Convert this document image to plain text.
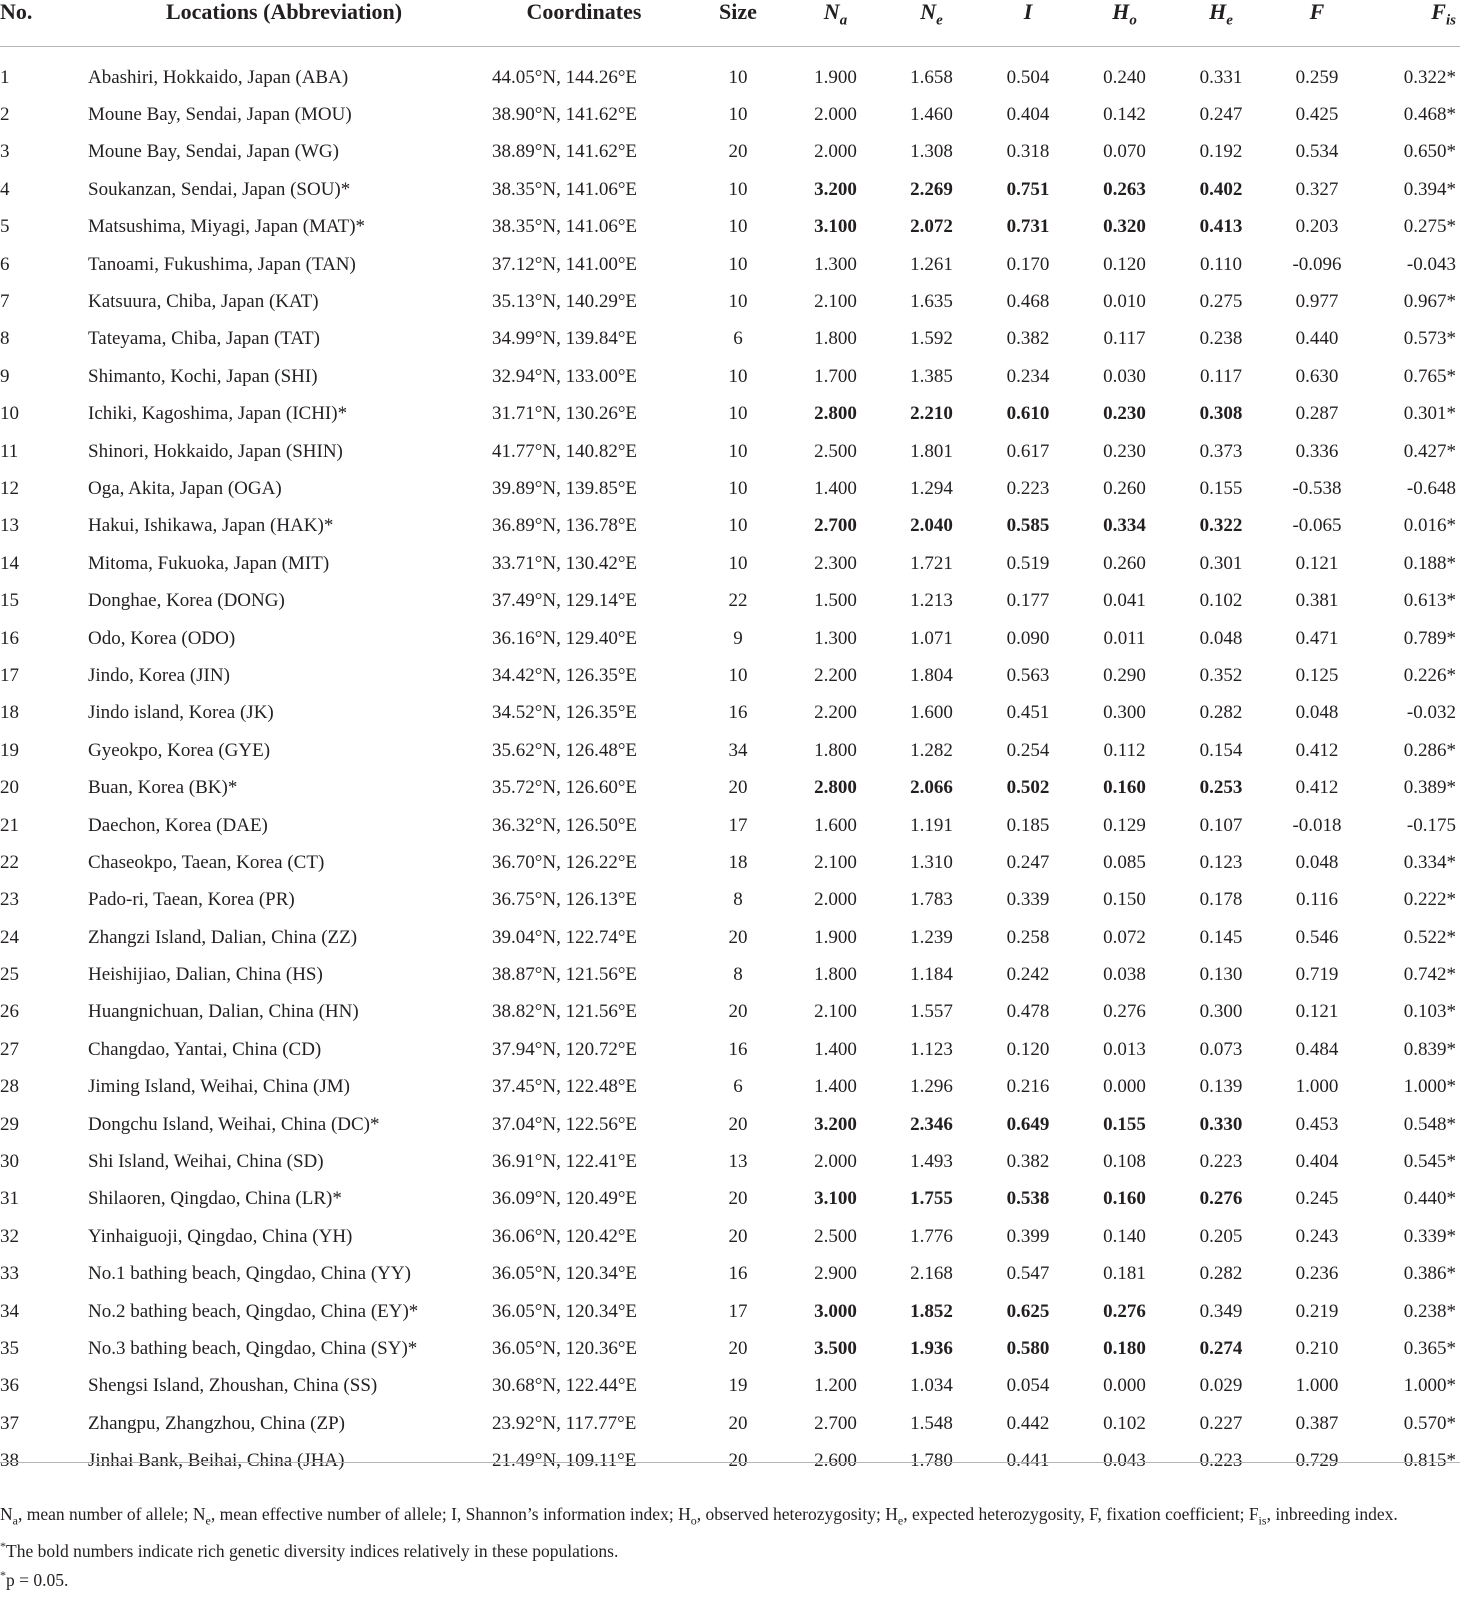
No.	Locations (Abbreviation)	Coordinates	Size	$N_a$	$N_e$	I	$H_o$	$H_e$	F	$F_{is}$
1	Abashiri, Hokkaido, Japan (ABA)	44.05°N, 144.26°E	10	1.900	1.658	0.504	0.240	0.331	0.259	0.322*
2	Moune Bay, Sendai, Japan (MOU)	38.90°N, 141.62°E	10	2.000	1.460	0.404	0.142	0.247	0.425	0.468*
3	Moune Bay, Sendai, Japan (WG)	38.89°N, 141.62°E	20	2.000	1.308	0.318	0.070	0.192	0.534	0.650*
4	Soukanzan, Sendai, Japan (SOU)*	38.35°N, 141.06°E	10	3.200	2.269	0.751	0.263	0.402	0.327	0.394*
5	Matsushima, Miyagi, Japan (MAT)*	38.35°N, 141.06°E	10	3.100	2.072	0.731	0.320	0.413	0.203	0.275*
6	Tanoami, Fukushima, Japan (TAN)	37.12°N, 141.00°E	10	1.300	1.261	0.170	0.120	0.110	-0.096	-0.043
7	Katsuura, Chiba, Japan (KAT)	35.13°N, 140.29°E	10	2.100	1.635	0.468	0.010	0.275	0.977	0.967*
8	Tateyama, Chiba, Japan (TAT)	34.99°N, 139.84°E	6	1.800	1.592	0.382	0.117	0.238	0.440	0.573*
9	Shimanto, Kochi, Japan (SHI)	32.94°N, 133.00°E	10	1.700	1.385	0.234	0.030	0.117	0.630	0.765*
10	Ichiki, Kagoshima, Japan (ICHI)*	31.71°N, 130.26°E	10	2.800	2.210	0.610	0.230	0.308	0.287	0.301*
11	Shinori, Hokkaido, Japan (SHIN)	41.77°N, 140.82°E	10	2.500	1.801	0.617	0.230	0.373	0.336	0.427*
12	Oga, Akita, Japan (OGA)	39.89°N, 139.85°E	10	1.400	1.294	0.223	0.260	0.155	-0.538	-0.648
13	Hakui, Ishikawa, Japan (HAK)*	36.89°N, 136.78°E	10	2.700	2.040	0.585	0.334	0.322	-0.065	0.016*
14	Mitoma, Fukuoka, Japan (MIT)	33.71°N, 130.42°E	10	2.300	1.721	0.519	0.260	0.301	0.121	0.188*
15	Donghae, Korea (DONG)	37.49°N, 129.14°E	22	1.500	1.213	0.177	0.041	0.102	0.381	0.613*
16	Odo, Korea (ODO)	36.16°N, 129.40°E	9	1.300	1.071	0.090	0.011	0.048	0.471	0.789*
17	Jindo, Korea (JIN)	34.42°N, 126.35°E	10	2.200	1.804	0.563	0.290	0.352	0.125	0.226*
18	Jindo island, Korea (JK)	34.52°N, 126.35°E	16	2.200	1.600	0.451	0.300	0.282	0.048	-0.032
19	Gyeokpo, Korea (GYE)	35.62°N, 126.48°E	34	1.800	1.282	0.254	0.112	0.154	0.412	0.286*
20	Buan, Korea (BK)*	35.72°N, 126.60°E	20	2.800	2.066	0.502	0.160	0.253	0.412	0.389*
21	Daechon, Korea (DAE)	36.32°N, 126.50°E	17	1.600	1.191	0.185	0.129	0.107	-0.018	-0.175
22	Chaseokpo, Taean, Korea (CT)	36.70°N, 126.22°E	18	2.100	1.310	0.247	0.085	0.123	0.048	0.334*
23	Pado-ri, Taean, Korea (PR)	36.75°N, 126.13°E	8	2.000	1.783	0.339	0.150	0.178	0.116	0.222*
24	Zhangzi Island, Dalian, China (ZZ)	39.04°N, 122.74°E	20	1.900	1.239	0.258	0.072	0.145	0.546	0.522*
25	Heishijiao, Dalian, China (HS)	38.87°N, 121.56°E	8	1.800	1.184	0.242	0.038	0.130	0.719	0.742*
26	Huangnichuan, Dalian, China (HN)	38.82°N, 121.56°E	20	2.100	1.557	0.478	0.276	0.300	0.121	0.103*
27	Changdao, Yantai, China (CD)	37.94°N, 120.72°E	16	1.400	1.123	0.120	0.013	0.073	0.484	0.839*
28	Jiming Island, Weihai, China (JM)	37.45°N, 122.48°E	6	1.400	1.296	0.216	0.000	0.139	1.000	1.000*
29	Dongchu Island, Weihai, China (DC)*	37.04°N, 122.56°E	20	3.200	2.346	0.649	0.155	0.330	0.453	0.548*
30	Shi Island, Weihai, China (SD)	36.91°N, 122.41°E	13	2.000	1.493	0.382	0.108	0.223	0.404	0.545*
31	Shilaoren, Qingdao, China (LR)*	36.09°N, 120.49°E	20	3.100	1.755	0.538	0.160	0.276	0.245	0.440*
32	Yinhaiguoji, Qingdao, China (YH)	36.06°N, 120.42°E	20	2.500	1.776	0.399	0.140	0.205	0.243	0.339*
33	No.1 bathing beach, Qingdao, China (YY)	36.05°N, 120.34°E	16	2.900	2.168	0.547	0.181	0.282	0.236	0.386*
34	No.2 bathing beach, Qingdao, China (EY)*	36.05°N, 120.34°E	17	3.000	1.852	0.625	0.276	0.349	0.219	0.238*
35	No.3 bathing beach, Qingdao, China (SY)*	36.05°N, 120.36°E	20	3.500	1.936	0.580	0.180	0.274	0.210	0.365*
36	Shengsi Island, Zhoushan, China (SS)	30.68°N, 122.44°E	19	1.200	1.034	0.054	0.000	0.029	1.000	1.000*
37	Zhangpu, Zhangzhou, China (ZP)	23.92°N, 117.77°E	20	2.700	1.548	0.442	0.102	0.227	0.387	0.570*
38	Jinhai Bank, Beihai, China (JHA)	21.49°N, 109.11°E	20	2.600	1.780	0.441	0.043	0.223	0.729	0.815*

$N_a$, mean number of allele; $N_e$, mean effective number of allele; I, Shannon’s information index; $H_o$, observed heterozygosity; $H_e$, expected heterozygosity, F, fixation coefficient; $F_{is}$, inbreeding index.

*The bold numbers indicate rich genetic diversity indices relatively in these populations.

*p = 0.05.
